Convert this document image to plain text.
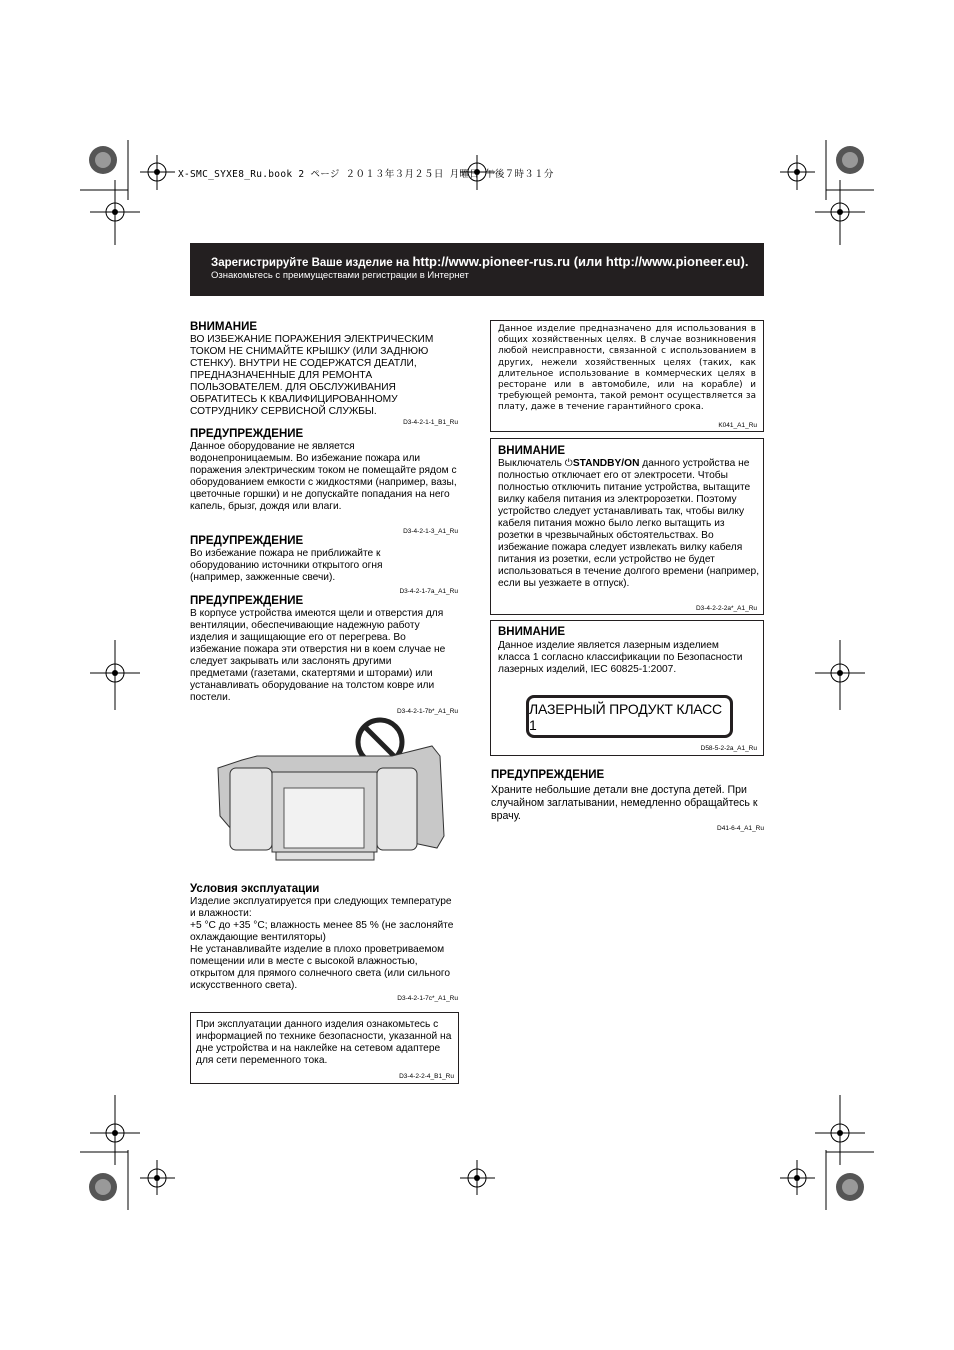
X-SMC_SYXE8_Ru.book 2 ページ ２０１３年３月２５日 月曜日 午後７時３１分
Зарегистрируйте Ваше изделие на http://www.pioneer-rus.ru (или http://www.pioneer.eu).
Ознакомьтесь с преимуществами регистрации в Интернет
ВНИМАНИЕ
ВО ИЗБЕЖАНИЕ ПОРАЖЕНИЯ ЭЛЕКТРИЧЕСКИМ ТОКОМ НЕ СНИМАЙТЕ КРЫШКУ (ИЛИ ЗАДНЮЮ СТЕНКУ). ВНУТРИ НЕ СОДЕРЖАТСЯ ДЕАТЛИ, ПРЕДНАЗНАЧЕННЫЕ ДЛЯ РЕМОНТА ПОЛЬЗОВАТЕЛЕМ. ДЛЯ ОБСЛУЖИВАНИЯ ОБРАТИТЕСЬ К КВАЛИФИЦИРОВАННОМУ СОТРУДНИКУ СЕРВИСНОЙ СЛУЖБЫ.
D3-4-2-1-1_B1_Ru
ПРЕДУПРЕЖДЕНИЕ
Данное оборудование не является водонепроницаемым. Во избежание пожара или поражения электрическим током не помещайте рядом с оборудованием емкости с жидкостями (например, вазы, цветочные горшки) и не допускайте попадания на него капель, брызг, дождя или влаги.
D3-4-2-1-3_A1_Ru
ПРЕДУПРЕЖДЕНИЕ
Во избежание пожара не приближайте к оборудованию источники открытого огня (например, зажженные свечи).
D3-4-2-1-7a_A1_Ru
ПРЕДУПРЕЖДЕНИЕ
В корпусе устройства имеются щели и отверстия для вентиляции, обеспечивающие надежную работу изделия и защищающие его от перегрева. Во избежание пожара эти отверстия ни в коем случае не следует закрывать или заслонять другими предметами (газетами, скатертями и шторами) или устанавливать оборудование на толстом ковре или постели.
D3-4-2-1-7b*_A1_Ru
Условия эксплуатации
Изделие эксплуатируется при следующих температуре и влажности:
+5 °C до +35 °C; влажность менее 85 % (не заслоняйте охлаждающие вентиляторы)
Не устанавливайте изделие в плохо проветриваемом помещении или в месте с высокой влажностью, открытом для прямого солнечного света (или сильного искусственного света).
D3-4-2-1-7c*_A1_Ru
При эксплуатации данного изделия ознакомьтесь с информацией по технике безопасности, указанной на дне устройства и на наклейке на сетевом адаптере для сети переменного тока.
D3-4-2-2-4_B1_Ru
Данное изделие предназначено для использования в общих хозяйственных целях. В случае возникновения любой неисправности, связанной с использованием в других, нежели хозяйственных целях (таких, как длительное использование в коммерческих целях в ресторане или в автомобиле, или на корабле) и требующей ремонта, такой ремонт осуществляется за плату, даже в течение гарантийного срока.
K041_A1_Ru
ВНИМАНИЕ
Выключатель ⏻STANDBY/ON данного устройства не полностью отключает его от электросети. Чтобы полностью отключить питание устройства, вытащите вилку кабеля питания из электророзетки. Поэтому устройство следует устанавливать так, чтобы вилку кабеля питания можно было легко вытащить из розетки в чрезвычайных обстоятельствах. Во избежание пожара следует извлекать вилку кабеля питания из розетки, если устройство не будет использоваться в течение долгого времени (например, если вы уезжаете в отпуск).
D3-4-2-2-2a*_A1_Ru
ВНИМАНИЕ
Данное изделие является лазерным изделием класса 1 согласно классификации по Безопасности лазерных изделий, IEC 60825-1:2007.
ЛАЗЕРНЫЙ ПРОДУКТ КЛАСС 1
D58-5-2-2a_A1_Ru
ПРЕДУПРЕЖДЕНИЕ
Храните небольшие детали вне доступа детей. При случайном заглатывании, немедленно обращайтесь к врачу.
D41-6-4_A1_Ru
